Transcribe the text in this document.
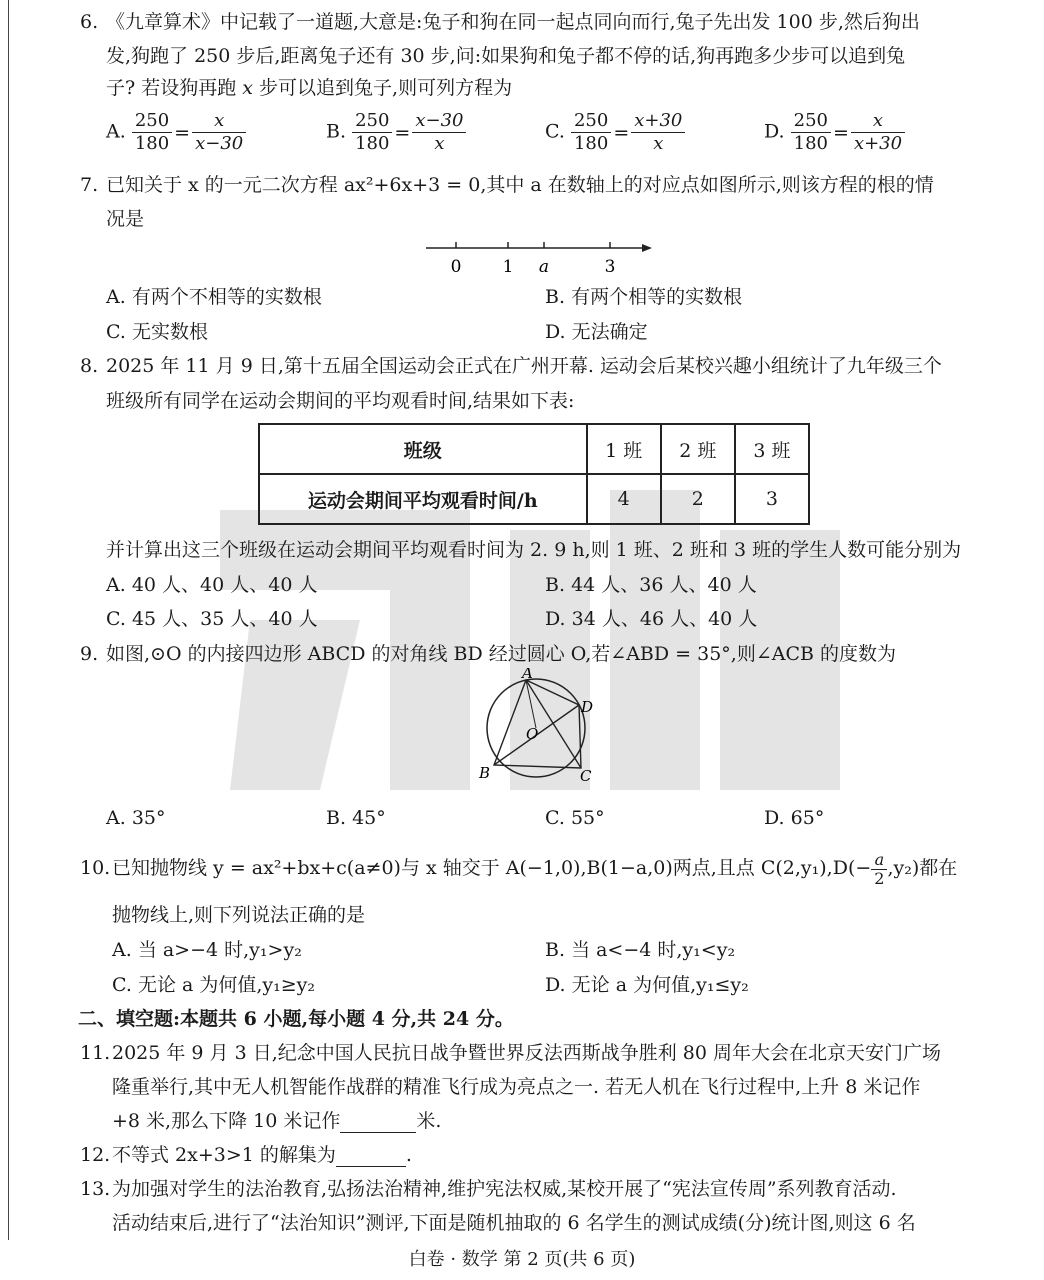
6. 《九章算术》中记载了一道题,大意是:兔子和狗在同一起点同向而行,兔子先出发 100 步,然后狗出
发,狗跑了 250 步后,距离兔子还有 30 步,问:如果狗和兔子都不停的话,狗再跑多少步可以追到兔
子? 若设狗再跑 x 步可以追到兔子,则可列方程为
A. $\frac{250}{180} = \frac{x}{x-30}$	B. $\frac{250}{180} = \frac{x-30}{x}$	C. $\frac{250}{180} = \frac{x+30}{x}$	D. $\frac{250}{180} = \frac{x}{x+30}$
7. 已知关于 x 的一元二次方程 ax²+6x+3 = 0,其中 a 在数轴上的对应点如图所示,则该方程的根的情
况是
0 1 a	3
A. 有两个不相等的实数根	B. 有两个相等的实数根
C. 无实数根	D. 无法确定
8. 2025 年 11 月 9 日,第十五届全国运动会正式在广州开幕. 运动会后某校兴趣小组统计了九年级三个
班级所有同学在运动会期间的平均观看时间,结果如下表:
班级	1 班	2 班	3 班
运动会期间平均观看时间/h	4	2	3
并计算出这三个班级在运动会期间平均观看时间为 2. 9 h,则 1 班、2 班和 3 班的学生人数可能分别为
A. 40 人、40 人、40 人	B. 44 人、36 人、40 人
C. 45 人、35 人、40 人	D. 34 人、46 人、40 人
9. 如图,⊙O 的内接四边形 ABCD 的对角线 BD 经过圆心 O,若∠ABD = 35°,则∠ACB 的度数为
A
D
C
B
O
A. 35°	B. 45°	C. 55°	D. 65°
10. 已知抛物线 y = ax²+bx+c(a≠0)与 x 轴交于 A(−1,0),B(1−a,0)两点,且点 $C(2,y_1),D(- \frac{a}{2} ,y_2)$都在
抛物线上,则下列说法正确的是
A. 当 a>−4 时,y₁>y₂	B. 当 a<−4 时,y₁<y₂
C. 无论 a 为何值,y₁≥y₂	D. 无论 a 为何值,y₁≤y₂
二、填空题:本题共 6 小题,每小题 4 分,共 24 分。
11. 2025 年 9 月 3 日,纪念中国人民抗日战争暨世界反法西斯战争胜利 80 周年大会在北京天安门广场
隆重举行,其中无人机智能作战群的精准飞行成为亮点之一. 若无人机在飞行过程中,上升 8 米记作
+8 米,那么下降 10 米记作	米.
12. 不等式 2x+3>1 的解集为	.
13. 为加强对学生的法治教育,弘扬法治精神,维护宪法权威,某校开展了“宪法宣传周”系列教育活动.
活动结束后,进行了“法治知识”测评,下面是随机抽取的 6 名学生的测试成绩(分)统计图,则这 6 名
白卷 · 数学 第 2 页(共 6 页)
